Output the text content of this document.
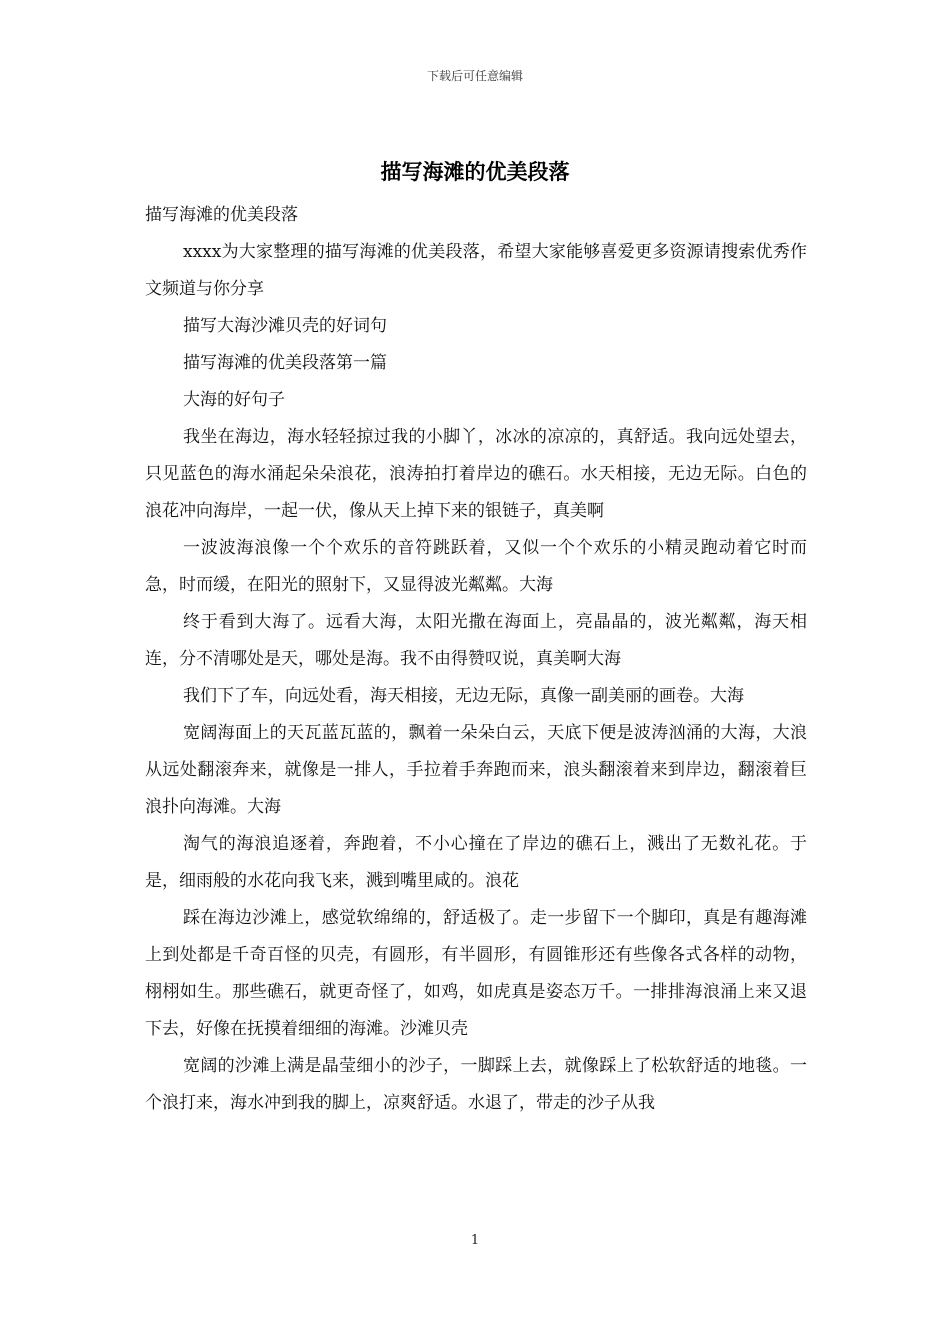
下载后可任意编辑
描写海滩的优美段落

描写海滩的优美段落

xxxx为大家整理的描写海滩的优美段落，希望大家能够喜爱更多资源请搜索优秀作文频道与你分享

描写大海沙滩贝壳的好词句

描写海滩的优美段落第一篇

大海的好句子

我坐在海边，海水轻轻掠过我的小脚丫，冰冰的凉凉的，真舒适。我向远处望去，只见蓝色的海水涌起朵朵浪花，浪涛拍打着岸边的礁石。水天相接，无边无际。白色的浪花冲向海岸，一起一伏，像从天上掉下来的银链子，真美啊

一波波海浪像一个个欢乐的音符跳跃着，又似一个个欢乐的小精灵跑动着它时而急，时而缓，在阳光的照射下，又显得波光粼粼。大海

终于看到大海了。远看大海，太阳光撒在海面上，亮晶晶的，波光粼粼，海天相连，分不清哪处是天，哪处是海。我不由得赞叹说，真美啊大海

我们下了车，向远处看，海天相接，无边无际，真像一副美丽的画卷。大海

宽阔海面上的天瓦蓝瓦蓝的，飘着一朵朵白云，天底下便是波涛汹涌的大海，大浪从远处翻滚奔来，就像是一排人，手拉着手奔跑而来，浪头翻滚着来到岸边，翻滚着巨浪扑向海滩。大海

淘气的海浪追逐着，奔跑着，不小心撞在了岸边的礁石上，溅出了无数礼花。于是，细雨般的水花向我飞来，溅到嘴里咸的。浪花

踩在海边沙滩上，感觉软绵绵的，舒适极了。走一步留下一个脚印，真是有趣海滩上到处都是千奇百怪的贝壳，有圆形，有半圆形，有圆锥形还有些像各式各样的动物，栩栩如生。那些礁石，就更奇怪了，如鸡，如虎真是姿态万千。一排排海浪涌上来又退下去，好像在抚摸着细细的海滩。沙滩贝壳

宽阔的沙滩上满是晶莹细小的沙子，一脚踩上去，就像踩上了松软舒适的地毯。一个浪打来，海水冲到我的脚上，凉爽舒适。水退了，带走的沙子从我

1
